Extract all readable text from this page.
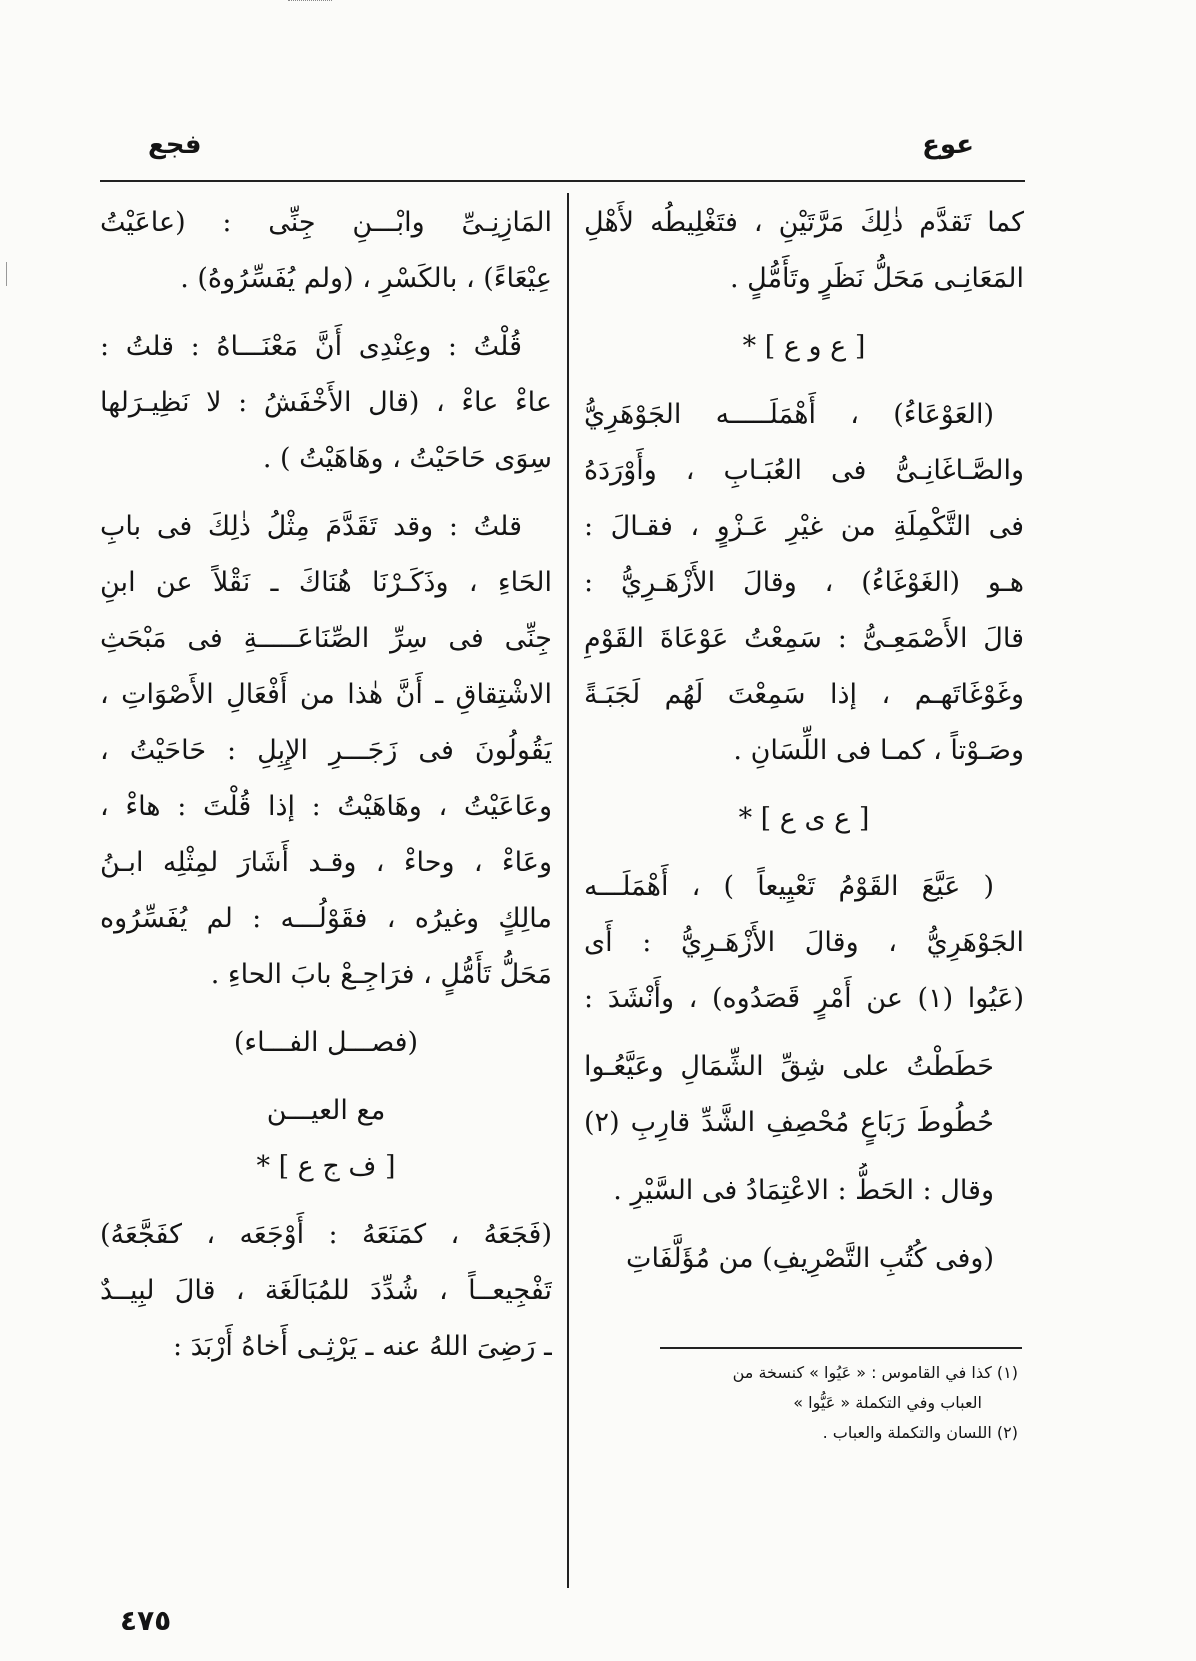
عوع
فجع
كما تَقدَّم ذٰلِكَ مَرَّتَيْنِ ، فتَغْلِيطُه لأَهْلِ
المَعَانِـى مَحَلُّ نَظَرٍ وتَأَمُّلٍ .
[ ع و ع ] *
(العَوْعَاءُ) ، أَهْمَلَـــــه الجَوْهَرِيُّ
والصَّـاغَانِـىُّ فى العُبَـابِ ، وأَوْرَدَهُ
فى التَّكْمِلَةِ من غيْرِ عَـزْوٍ ، فقـالَ :
هـو (الغَوْغَاءُ) ، وقالَ الأَزْهَـرِيُّ :
قالَ الأَصْمَعِـىُّ : سَمِعْتُ عَوْعَاةَ القَوْمِ
وغَوْغَاتَهـم ، إذا سَمِعْتَ لَهُم لَجَبَـةً
وصَـوْتاً ، كمـا فى اللِّسَانِ .
[ ع ى ع ] *
( عَيَّعَ القَوْمُ تَعْيِيعاً ) ، أَهْمَلَـــه
الجَوْهَرِيُّ ، وقالَ الأَزْهَـرِيُّ : أَى
(عَيُوا (١) عن أَمْرٍ قَصَدُوه) ، وأَنْشَدَ :
حَطَطْتُ على شِقِّ الشِّمَالِ وعَيَّعُـوا
حُطُوطَ رَبَاعٍ مُحْصِفِ الشَّدِّ قارِبِ (٢)
وقال : الحَطُّ : الاعْتِمَادُ فى السَّيْرِ .
(وفى كُتُبِ التَّصْرِيفِ) من مُؤَلَّفَاتِ
المَازِنِـىِّ وابْـــنِ جِنِّى : (عاعَيْتُ
عِيْعَاءً) ، بالكَسْرِ ، (ولم يُفَسِّرُوهُ) .
قُلْتُ : وعِنْدِى أَنَّ مَعْنَـــاهُ : قلتُ :
عاءْ عاءْ ، (قال الأَخْفَشُ : لا نَظِيـرَلها
سِوَى حَاحَيْتُ ، وهَاهَيْتُ ) .
قلتُ : وقد تَقَدَّمَ مِثْلُ ذٰلِكَ فى بابِ
الحَاءِ ، وذَكَـرْنَا هُنَاكَ ـ نَقْلاً عن ابنِ
جِنِّى فى سِرِّ الصِّنَاعَـــــةِ فى مَبْحَثِ
الاشْتِقاقِ ـ أَنَّ هٰذا من أَفْعَالِ الأَصْوَاتِ ،
يَقُولُونَ فى زَجَـــرِ الإِبِلِ : حَاحَيْتُ ،
وعَاعَيْتُ ، وهَاهَيْتُ : إذا قُلْتَ : هاءْ ،
وعَاءْ ، وحاءْ ، وقـد أَشَارَ لمِثْلِه ابـنُ
مالِكٍ وغيرُه ، فقَوْلُـــه : لم يُفَسِّرُوه
مَحَلُّ تَأَمُّلٍ ، فرَاجِـعْ بابَ الحاءِ .
(فصـــل الفـــاء)
مع العيـــن
[ ف ج ع ] *
(فَجَعَهُ ، كمَنَعَهُ : أَوْجَعَه ، كفَجَّعَهُ)
تَفْجِيعــاً ، شُدِّدَ للمُبَالَغَة ، قالَ لبِيــدٌ
ـ رَضِىَ اللهُ عنه ـ يَرْثِـى أَخاهُ أَرْبَدَ :
(١) كذا في القاموس : « عَيُوا » كنسخة من
العباب وفي التكملة « عَيُّوا »
(٢) اللسان والتكملة والعباب .
٤٧٥
